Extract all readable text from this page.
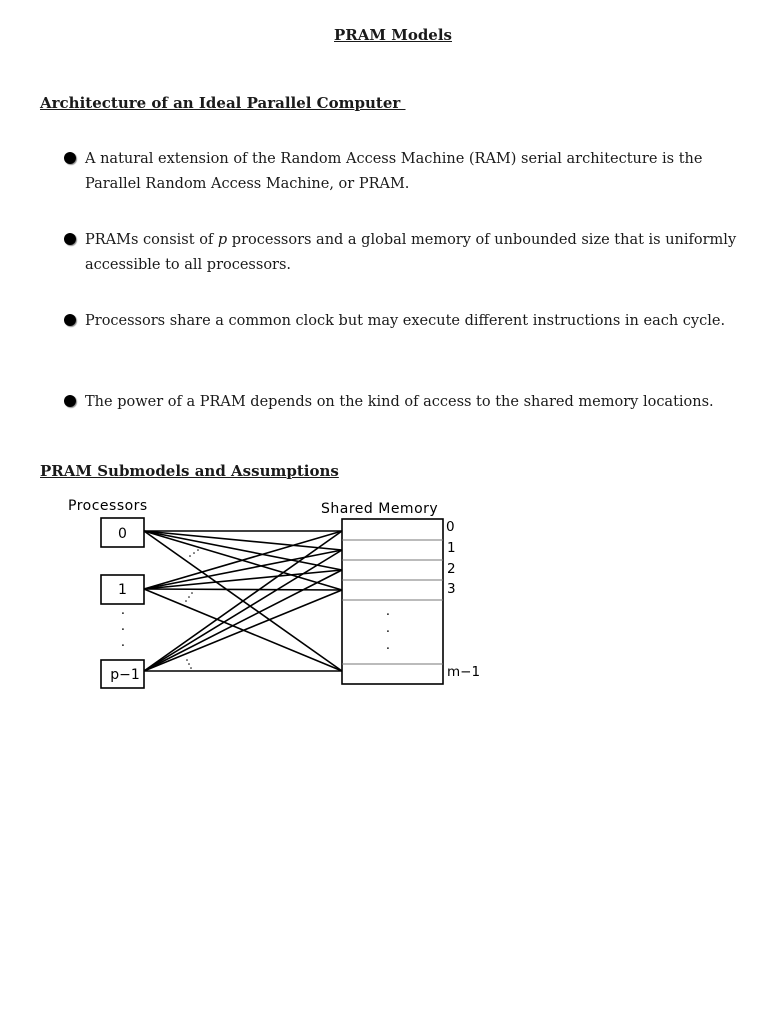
PRAM Models
Architecture of an Ideal Parallel Computer
A natural extension of the Random Access Machine (RAM) serial architecture is the Parallel Random Access Machine, or PRAM.
PRAMs consist of p processors and a global memory of unbounded size that is uniformly accessible to all processors.
Processors share a common clock but may execute different instructions in each cycle.
The power of a PRAM depends on the kind of access to the shared memory locations.
PRAM Submodels and Assumptions
Processors	Shared Memory
0
1
p−1
.
.
.
.
.
.
0
1
2
3
m−1
